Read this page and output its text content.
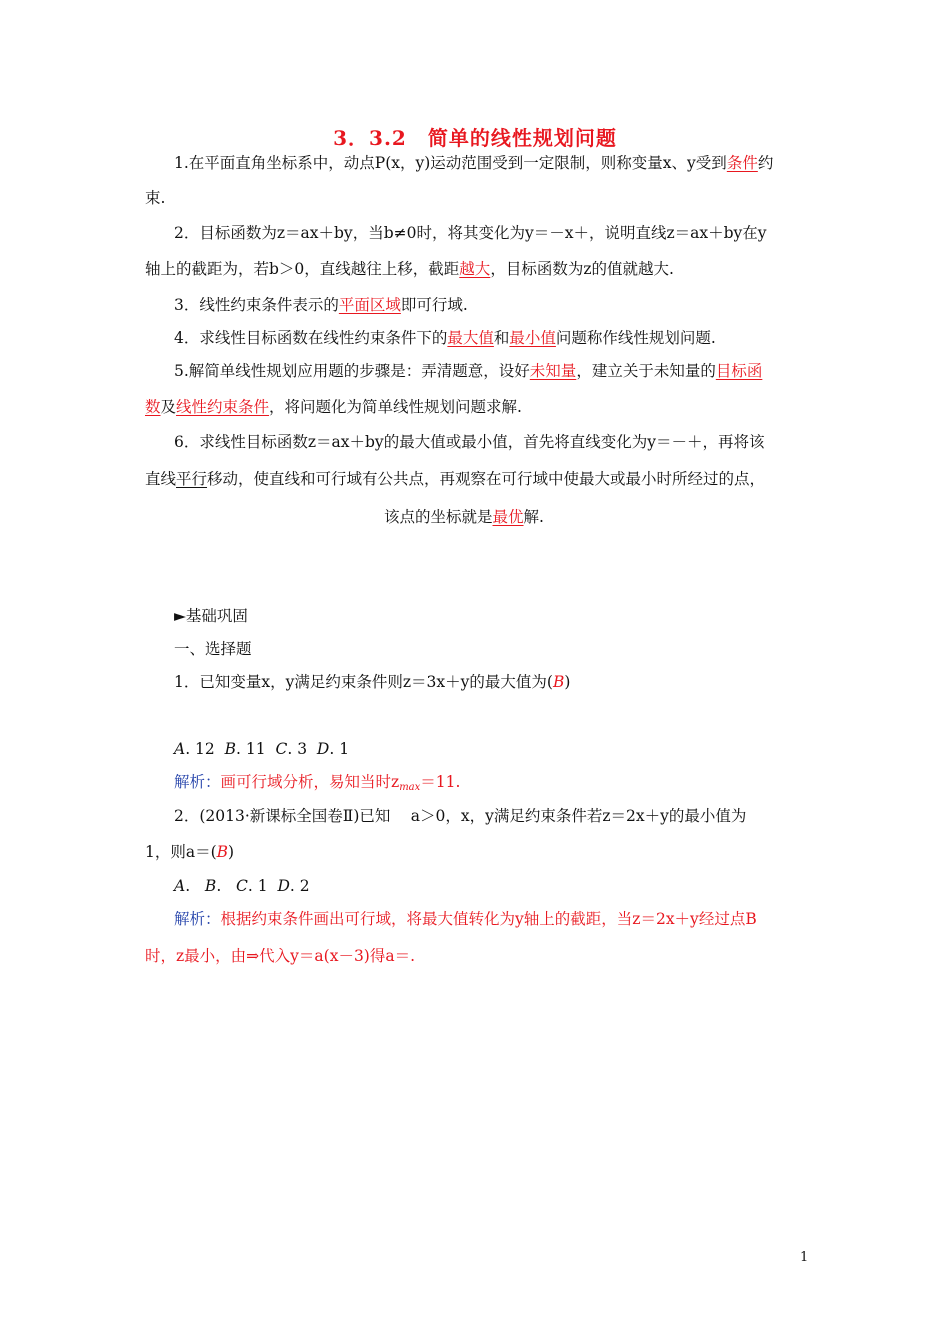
3．3.2　简单的线性规划问题
1.在平面直角坐标系中，动点P(x，y)运动范围受到一定限制，则称变量x、y受到条件约
束.
2．目标函数为z＝ax＋by，当b≠0时，将其变化为y＝－x＋，说明直线z＝ax＋by在y
轴上的截距为，若b＞0，直线越往上移，截距越大，目标函数为z的值就越大.
3．线性约束条件表示的平面区域即可行域.
4．求线性目标函数在线性约束条件下的最大值和最小值问题称作线性规划问题.
5.解简单线性规划应用题的步骤是：弄清题意，设好未知量，建立关于未知量的目标函
数及线性约束条件，将问题化为简单线性规划问题求解.
6．求线性目标函数z＝ax＋by的最大值或最小值，首先将直线变化为y＝－＋，再将该
直线平行移动，使直线和可行域有公共点，再观察在可行域中使最大或最小时所经过的点，
该点的坐标就是最优解.
►基础巩固
一、选择题
1．已知变量x，y满足约束条件则z＝3x＋y的最大值为(B)
A. 12 B. 11 C. 3 D. 1
解析：画可行域分析，易知当时$z_{max}=11$.
2．(2013·新课标全国卷Ⅱ)已知　 a＞0，x，y满足约束条件若z＝2x＋y的最小值为
1，则a＝(B)
A. B. C. 1 D. 2
解析：根据约束条件画出可行域，将最大值转化为y轴上的截距，当z＝2x＋y经过点B
时，z最小，由⇒代入y＝a(x－3)得a＝.
1
